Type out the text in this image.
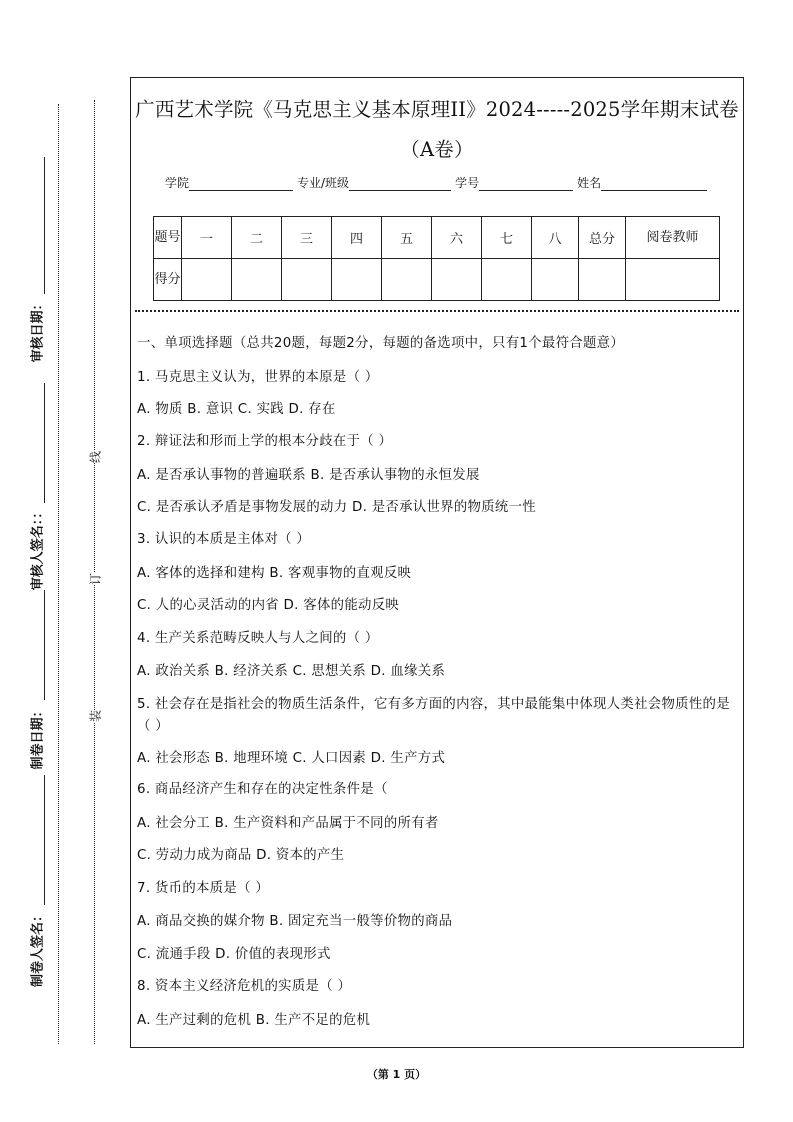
审核日期：
审核人签名：：
制卷日期：
制卷人签名：
线
订
装
广西艺术学院《马克思主义基本原理II》2024-----2025学年期末试卷（A卷）
学院	专业/班级	学号	姓名
题号	一	二	三	四	五	六	七	八	总分	阅卷教师
得分										
一、单项选择题（总共20题，每题2分，每题的备选项中，只有1个最符合题意）
1. 马克思主义认为，世界的本原是（ ）
A. 物质 B. 意识 C. 实践 D. 存在
2. 辩证法和形而上学的根本分歧在于（ ）
A. 是否承认事物的普遍联系 B. 是否承认事物的永恒发展
C. 是否承认矛盾是事物发展的动力 D. 是否承认世界的物质统一性
3. 认识的本质是主体对（ ）
A. 客体的选择和建构 B. 客观事物的直观反映
C. 人的心灵活动的内省 D. 客体的能动反映
4. 生产关系范畴反映人与人之间的（ ）
A. 政治关系 B. 经济关系 C. 思想关系 D. 血缘关系
5. 社会存在是指社会的物质生活条件，它有多方面的内容，其中最能集中体现人类社会物质性的是（ ）
A. 社会形态 B. 地理环境 C. 人口因素 D. 生产方式
6. 商品经济产生和存在的决定性条件是（
A. 社会分工 B. 生产资料和产品属于不同的所有者
C. 劳动力成为商品 D. 资本的产生
7. 货币的本质是（ ）
A. 商品交换的媒介物 B. 固定充当一般等价物的商品
C. 流通手段 D. 价值的表现形式
8. 资本主义经济危机的实质是（ ）
A. 生产过剩的危机 B. 生产不足的危机
（第 1 页）
